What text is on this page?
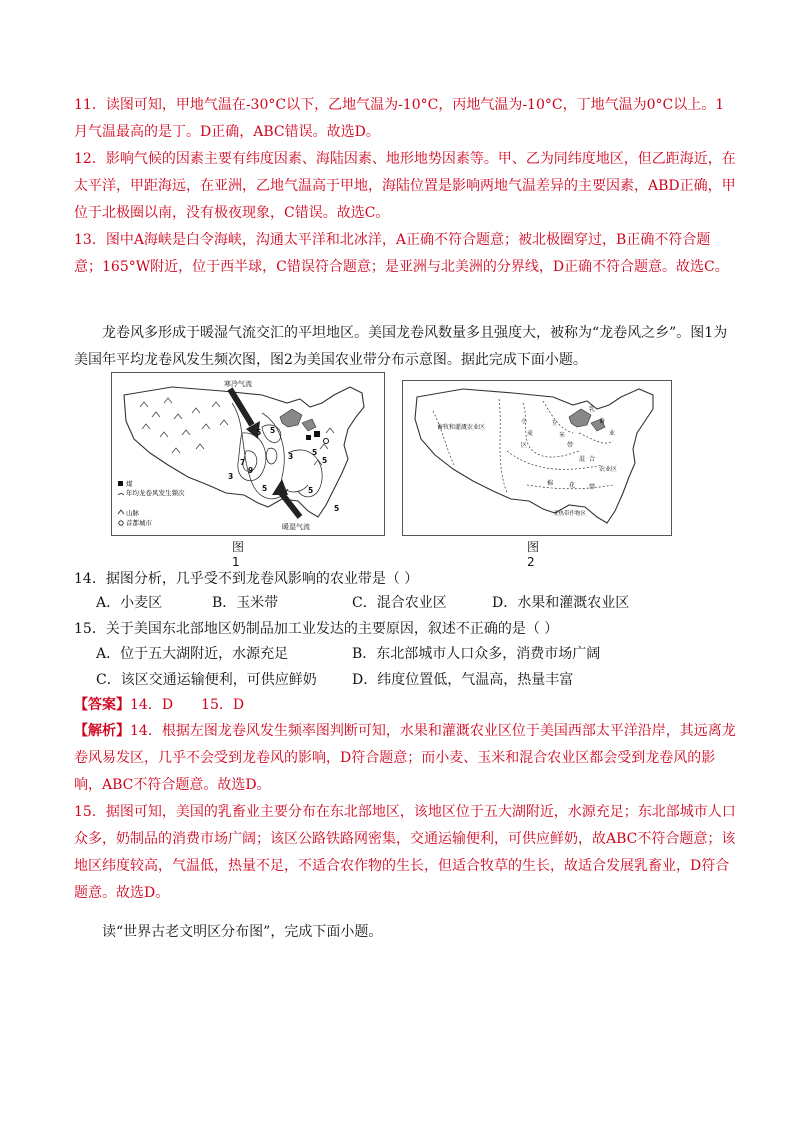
11．读图可知，甲地气温在-30°C以下，乙地气温为-10°C，丙地气温为-10°C，丁地气温为0°C以上。1月气温最高的是丁。D正确，ABC错误。故选D。

12．影响气候的因素主要有纬度因素、海陆因素、地形地势因素等。甲、乙为同纬度地区，但乙距海近，在太平洋，甲距海远，在亚洲，乙地气温高于甲地，海陆位置是影响两地气温差异的主要因素，ABD正确，甲位于北极圈以南，没有极夜现象，C错误。故选C。

13．图中A海峡是白令海峡，沟通太平洋和北冰洋，A正确不符合题意；被北极圈穿过，B正确不符合题意；165°W附近，位于西半球，C错误符合题意；是亚洲与北美洲的分界线，D正确不符合题意。故选C。

龙卷风多形成于暖湿气流交汇的平坦地区。美国龙卷风数量多且强度大，被称为“龙卷风之乡”。图1为美国年平均龙卷风发生频次图，图2为美国农业带分布示意图。据此完成下面小题。

5 5
3
7
9
3
5
5
5
5
5
寒冷气流
暖湿气流
煤
年均龙卷风发生频次
山脉
首都城市
图1
畜牧和灌溉农业区
小
麦
区
玉
米
带
乳
畜
业
混 合
农业区
棉	花 带
亚热带作物区
图2
14．据图分析，几乎受不到龙卷风影响的农业带是（ ）
A．小麦区	B．玉米带	C．混合农业区	D．水果和灌溉农业区
15．关于美国东北部地区奶制品加工业发达的主要原因，叙述不正确的是（ ）
A．位于五大湖附近，水源充足	B．东北部城市人口众多，消费市场广阔
C．该区交通运输便利，可供应鲜奶	D．纬度位置低，气温高，热量丰富
【答案】14．D　　15．D
【解析】14．根据左图龙卷风发生频率图判断可知，水果和灌溉农业区位于美国西部太平洋沿岸，其远离龙卷风易发区，几乎不会受到龙卷风的影响，D符合题意；而小麦、玉米和混合农业区都会受到龙卷风的影响，ABC不符合题意。故选D。
15．据图可知，美国的乳畜业主要分布在东北部地区，该地区位于五大湖附近，水源充足；东北部城市人口众多，奶制品的消费市场广阔；该区公路铁路网密集，交通运输便利，可供应鲜奶，故ABC不符合题意；该地区纬度较高，气温低，热量不足，不适合农作物的生长，但适合牧草的生长，故适合发展乳畜业，D符合题意。故选D。
读“世界古老文明区分布图”，完成下面小题。
